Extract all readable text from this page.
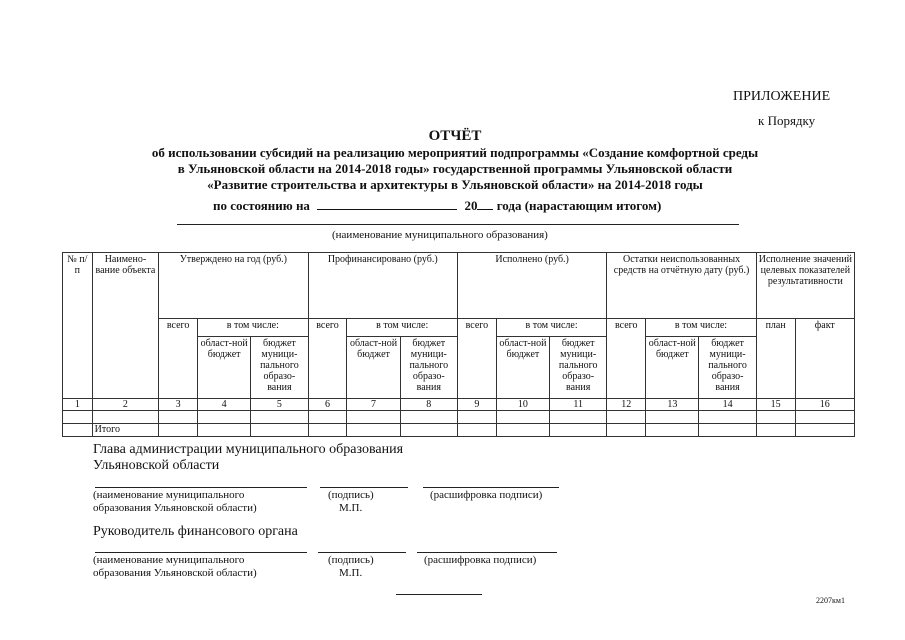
ПРИЛОЖЕНИЕ
к Порядку
ОТЧЁТ
об использовании субсидий на реализацию мероприятий подпрограммы «Создание комфортной среды
в Ульяновской области на 2014-2018 годы» государственной программы Ульяновской области
«Развитие строительства и архитектуры в Ульяновской области» на 2014-2018 годы
по состоянию на	20 года (нарастающим итогом)
(наименование муниципального образования)
№ п/п	Наимено-вание объекта	Утверждено на год (руб.)			Профинансировано (руб.)			Исполнено (руб.)			Остатки неиспользованных средств на отчётную дату (руб.)			Исполнение значений целевых показателей результативности	
		всего	в том числе:		всего	в том числе:		всего	в том числе:		всего	в том числе:		план	факт
			област-ной бюджет	бюджет муници-пального образо-вания		област-ной бюджет	бюджет муници-пального образо-вания		област-ной бюджет	бюджет муници-пального образо-вания		област-ной бюджет	бюджет муници-пального образо-вания		
1	2	3	4	5	6	7	8	9	10	11	12	13	14	15	16

	Итого														
Глава администрации муниципального образования
Ульяновской области
(наименование муниципального
образования Ульяновской области)
(подпись)	(расшифровка подписи)
М.П.
Руководитель финансового органа
(наименование муниципального
образования Ульяновской области)
(подпись)	(расшифровка подписи)
М.П.
2207км1
